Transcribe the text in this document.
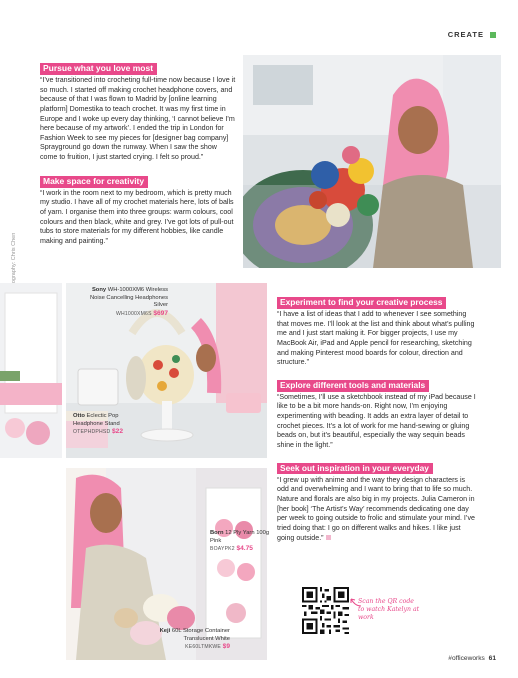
CREATE
Pursue what you love most

“I’ve transitioned into crocheting full-time now because I love it so much. I started off making crochet headphone covers, and because of that I was flown to Madrid by [online learning platform] Domestika to teach crochet. It was my first time in Europe and I woke up every day thinking, ‘I cannot believe I’m here because of my artwork’. I ended the trip in London for Fashion Week to see my pieces for [designer bag company] Sprayground go down the runway. When I saw the show come to fruition, I just started crying. I felt so proud.”

Make space for creativity

“I work in the room next to my bedroom, which is pretty much my studio. I have all of my crochet materials here, lots of balls of yarn. I organise them into three groups: warm colours, cool colours and then black, white and grey. I’ve got lots of pull-out tubs to store materials for my different hobbies, like candle making and painting.”

Sony WH-1000XM6 Wireless Noise Cancelling Headphones Silver
WH1000XM6S $697
Otto Eclectic Pop Headphone Stand
OTEPHDPHSD $22
Born 12 Ply Yarn 100g Pink
BOAYPK2 $4.75
Keji 60L Storage Container Translucent White
KE60LTMKWE $9
Experiment to find your creative process

“I have a list of ideas that I add to whenever I see something that moves me. I’ll look at the list and think about what’s pulling me and I just start making it. For bigger projects, I use my MacBook Air, iPad and Apple pencil for researching, sketching and making Pinterest mood boards for colour, direction and structure.”

Explore different tools and materials

“Sometimes, I’ll use a sketchbook instead of my iPad because I like to be a bit more hands-on. Right now, I’m enjoying experimenting with beading. It adds an extra layer of detail to crochet pieces. It’s a lot of work for me hand-sewing or gluing beads on, but it’s beautiful, especially the way sequin beads shine in the light.”

Seek out inspiration in your everyday

“I grew up with anime and the way they design characters is odd and overwhelming and I want to bring that to life so much. Nature and florals are also big in my projects. Julia Cameron in [her book] ‘The Artist’s Way’ recommends dedicating one day per week to going outside to frolic and stimulate your mind. I’ve tried doing that: I go on different walks and hikes. I like just going outside.”

Scan the QR code to watch Katelyn at work
#officeworks 61
